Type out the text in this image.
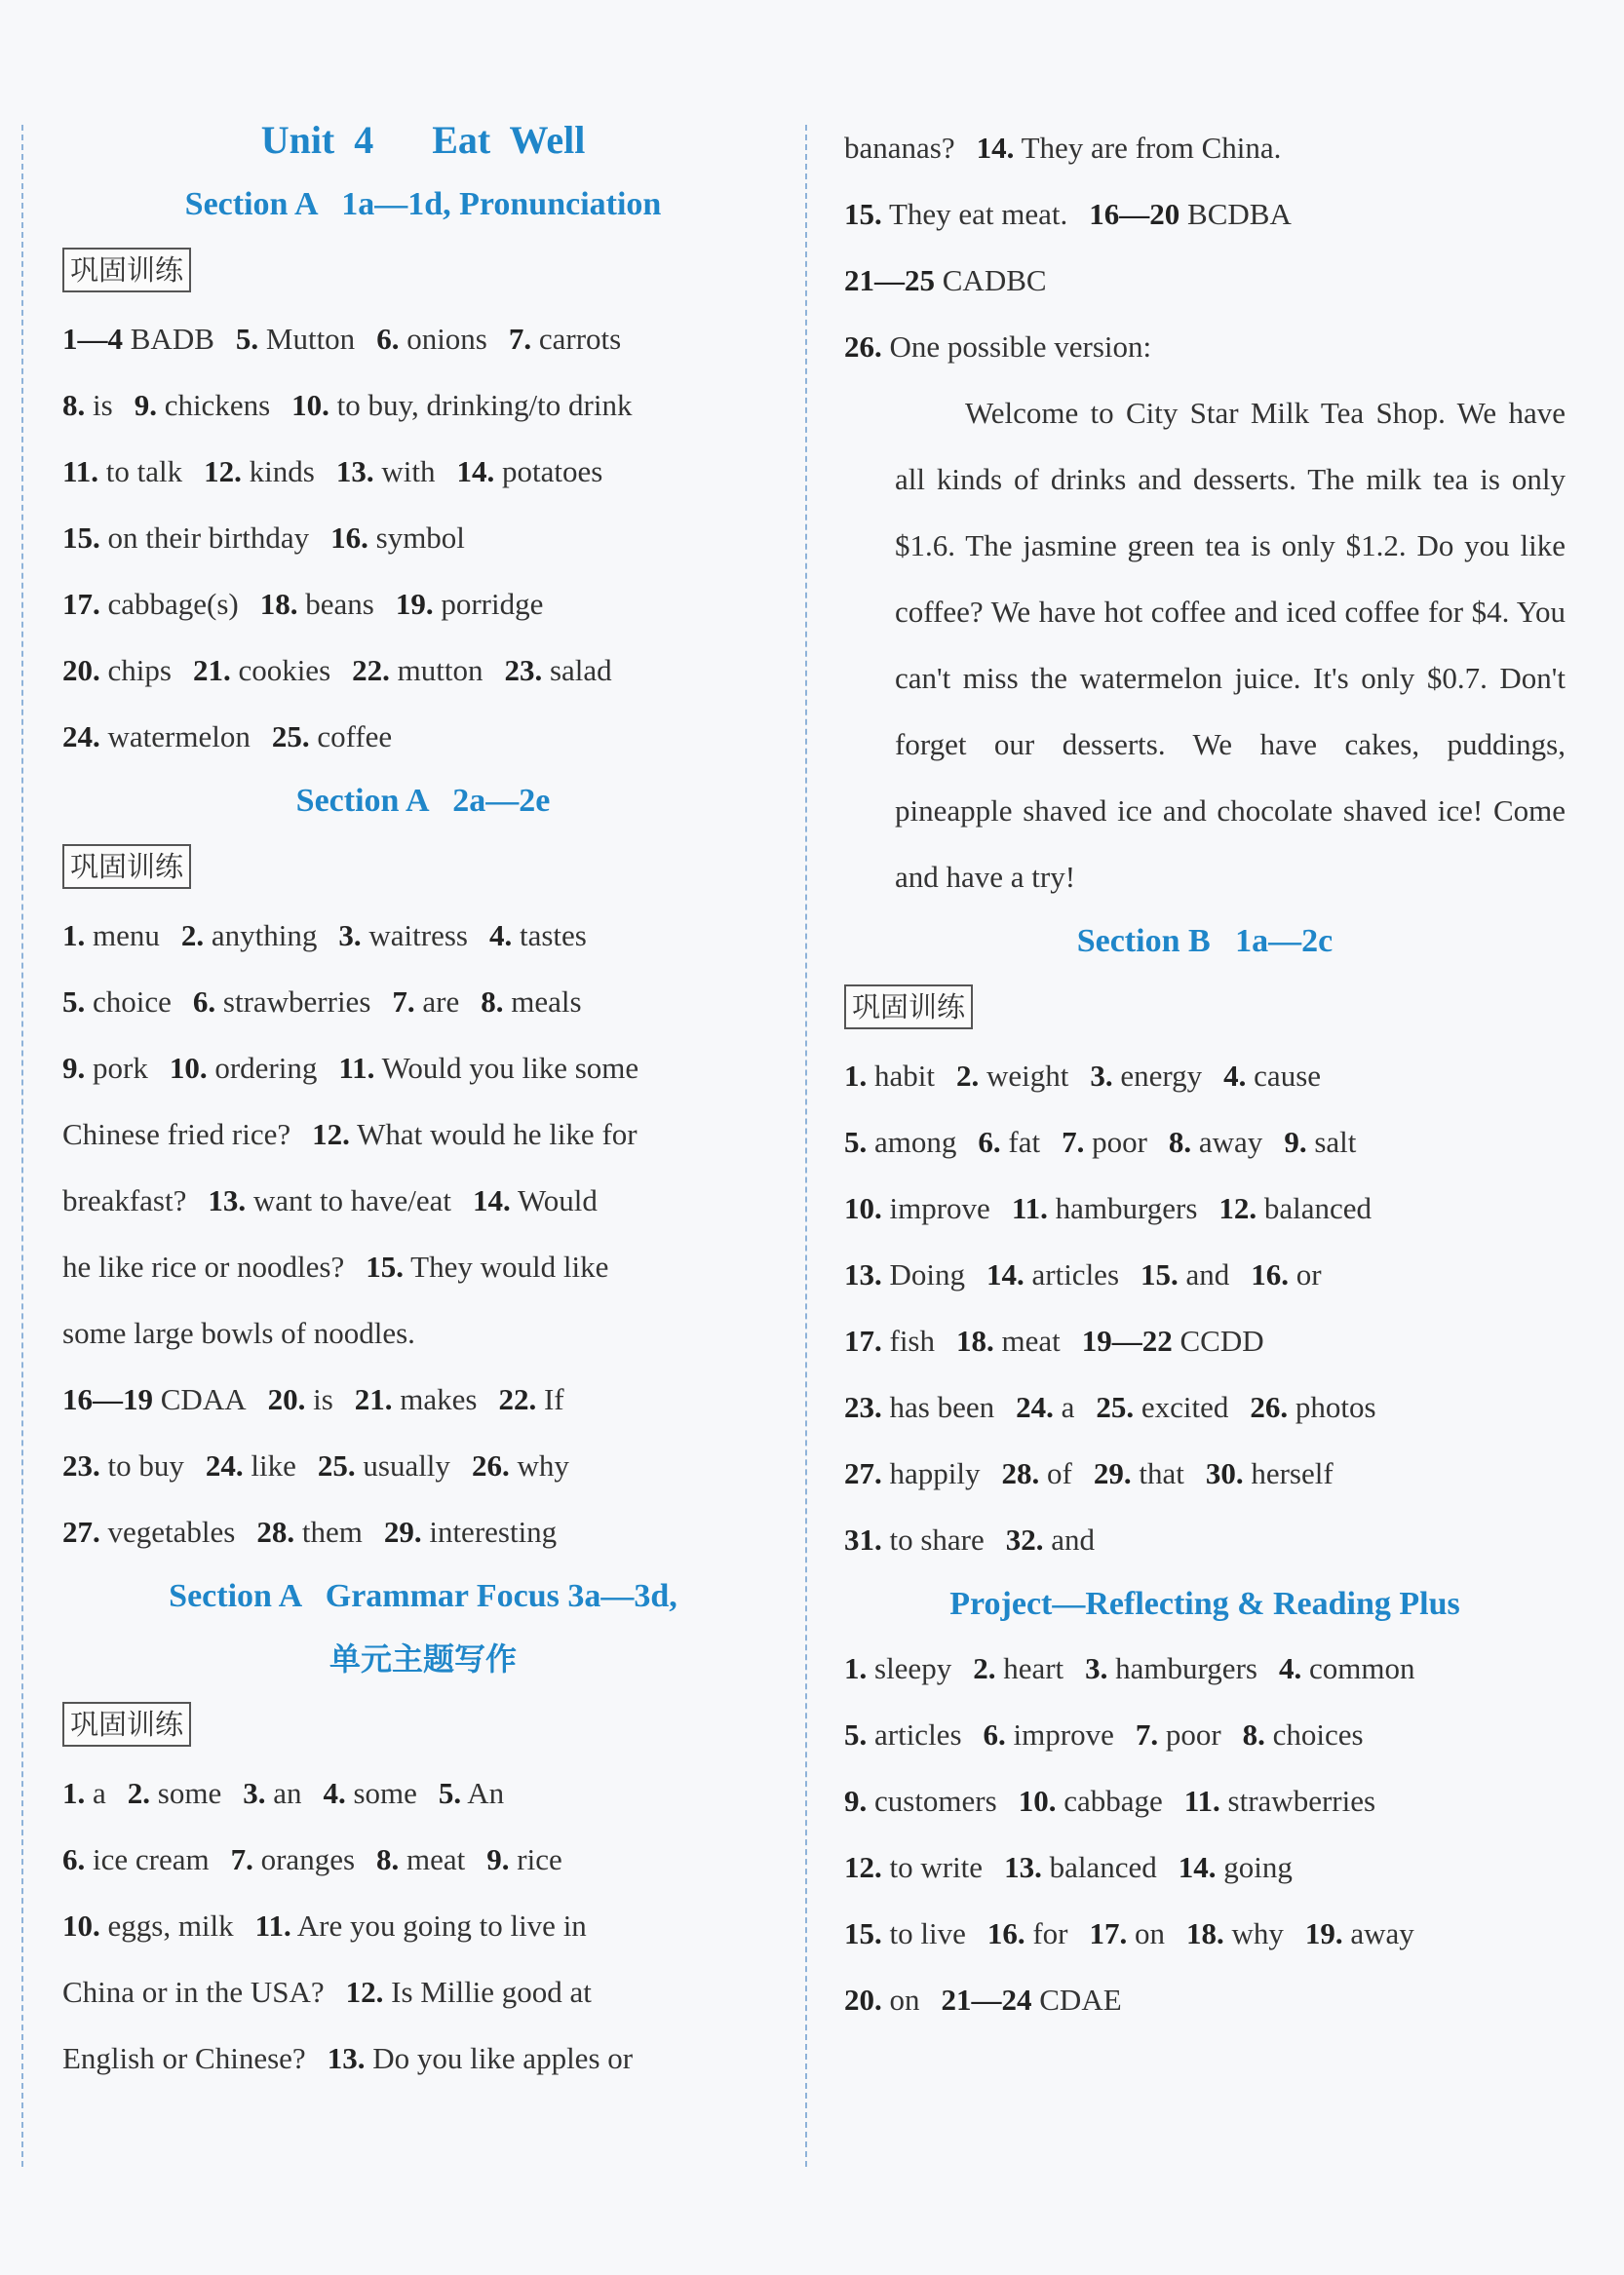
Unit 4   Eat Well
Section A   1a—1d, Pronunciation
巩固训练
1—4 BADB 5. Mutton 6. onions 7. carrots
8. is 9. chickens 10. to buy, drinking/to drink
11. to talk 12. kinds 13. with 14. potatoes
15. on their birthday 16. symbol
17. cabbage(s) 18. beans 19. porridge
20. chips 21. cookies 22. mutton 23. salad
24. watermelon 25. coffee
Section A   2a—2e
巩固训练
1. menu 2. anything 3. waitress 4. tastes
5. choice 6. strawberries 7. are 8. meals
9. pork 10. ordering 11. Would you like some
Chinese fried rice? 12. What would he like for
breakfast? 13. want to have/eat 14. Would
he like rice or noodles? 15. They would like
some large bowls of noodles.
16—19 CDAA 20. is 21. makes 22. If
23. to buy 24. like 25. usually 26. why
27. vegetables 28. them 29. interesting
Section A   Grammar Focus 3a—3d,
单元主题写作
巩固训练
1. a 2. some 3. an 4. some 5. An
6. ice cream 7. oranges 8. meat 9. rice
10. eggs, milk 11. Are you going to live in
China or in the USA? 12. Is Millie good at
English or Chinese? 13. Do you like apples or
bananas? 14. They are from China.
15. They eat meat. 16—20 BCDBA
21—25 CADBC
26. One possible version:
Welcome to City Star Milk Tea Shop. We have all kinds of drinks and desserts. The milk tea is only $1.6. The jasmine green tea is only $1.2. Do you like coffee? We have hot coffee and iced coffee for $4. You can't miss the watermelon juice. It's only $0.7. Don't forget our desserts. We have cakes, puddings, pineapple shaved ice and chocolate shaved ice! Come and have a try!
Section B   1a—2c
巩固训练
1. habit 2. weight 3. energy 4. cause
5. among 6. fat 7. poor 8. away 9. salt
10. improve 11. hamburgers 12. balanced
13. Doing 14. articles 15. and 16. or
17. fish 18. meat 19—22 CCDD
23. has been 24. a 25. excited 26. photos
27. happily 28. of 29. that 30. herself
31. to share 32. and
Project—Reflecting & Reading Plus
1. sleepy 2. heart 3. hamburgers 4. common
5. articles 6. improve 7. poor 8. choices
9. customers 10. cabbage 11. strawberries
12. to write 13. balanced 14. going
15. to live 16. for 17. on 18. why 19. away
20. on 21—24 CDAE
